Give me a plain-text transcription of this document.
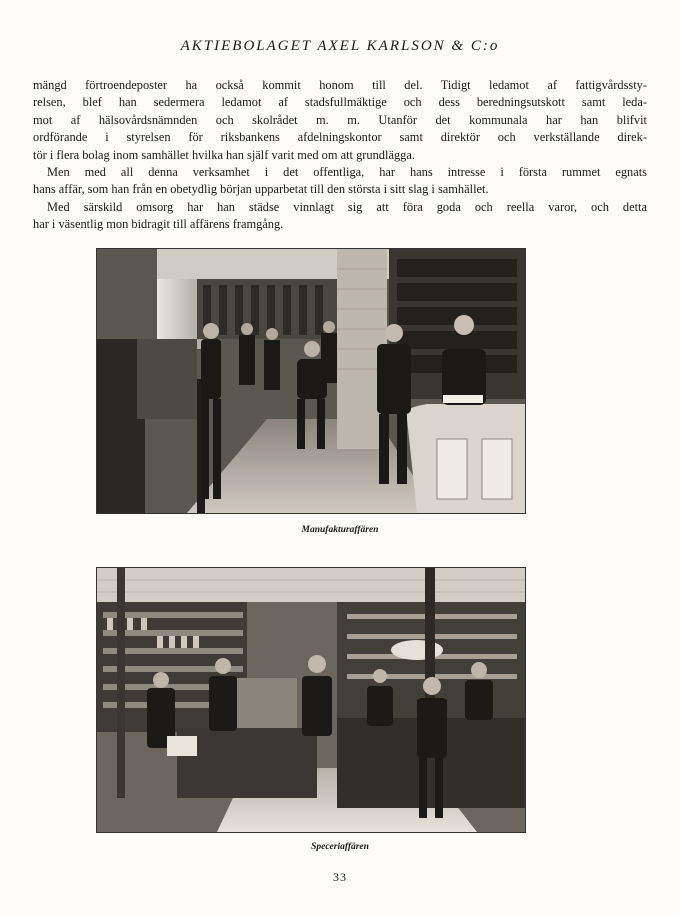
AKTIEBOLAGET AXEL KARLSON & C:o

mängd förtroendeposter ha också kommit honom till del. Tidigt ledamot af fattigvårdssty-

relsen, blef han sedermera ledamot af stadsfullmäktige och dess beredningsutskott samt leda-

mot af hälsovårdsnämnden och skolrådet m. m. Utanför det kommunala har han blifvit

ordförande i styrelsen för riksbankens afdelningskontor samt direktör och verkställande direk-

tör i flera bolag inom samhället hvilka han själf varit med om att grundlägga.

Men med all denna verksamhet i det offentliga, har hans intresse i första rummet egnats

hans affär, som han från en obetydlig början upparbetat till den största i sitt slag i samhället.

Med särskild omsorg har han städse vinnlagt sig att föra goda och reella varor, och detta

har i väsentlig mon bidragit till affärens framgång.

Manufakturaffären
Speceriaffären
33
